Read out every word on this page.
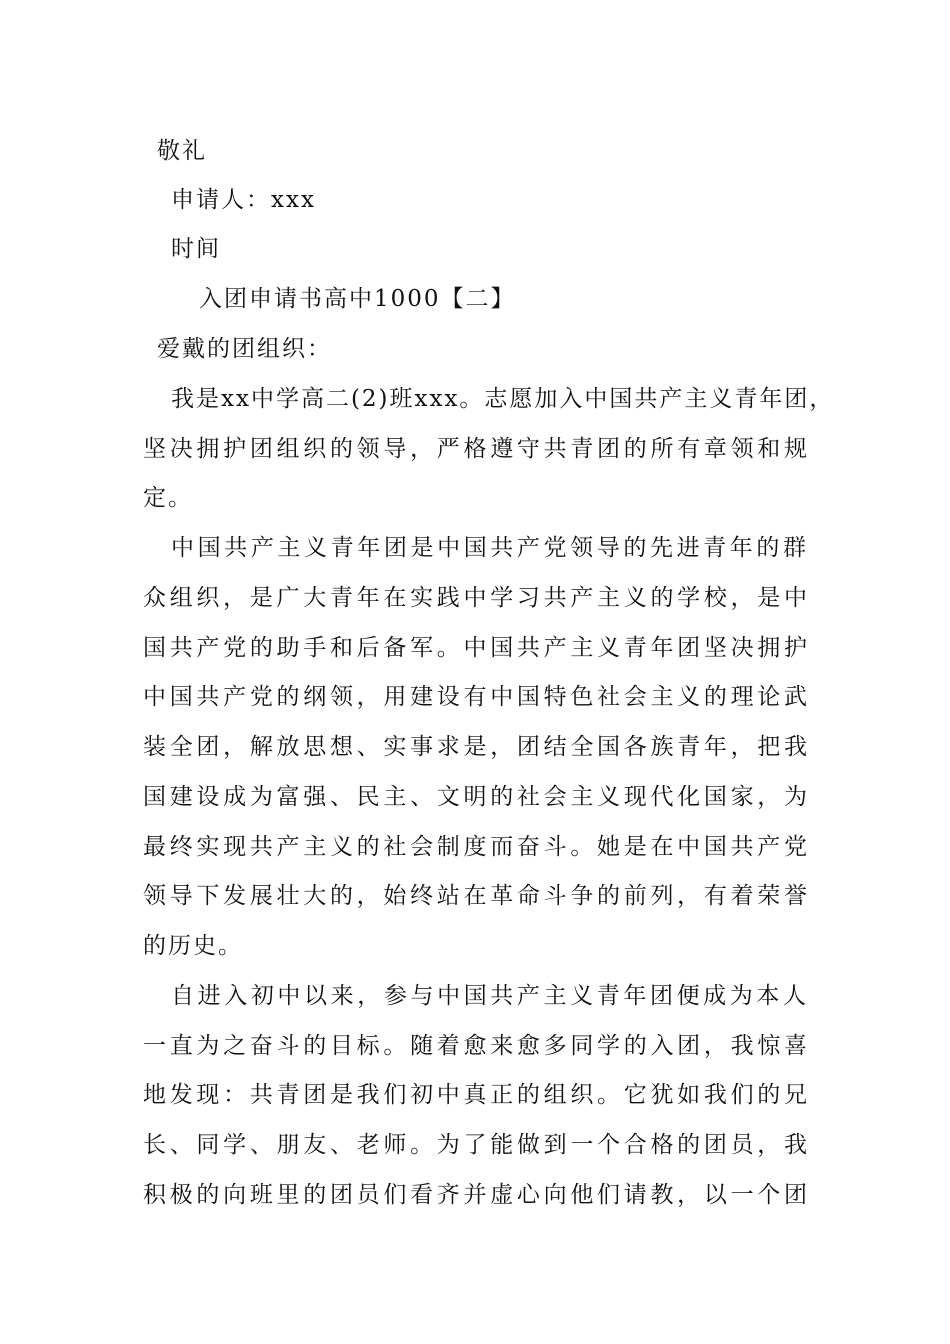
敬礼
申请人：xxx
时间
入团申请书高中1000【二】
爱戴的团组织：
我是xx中学高二(2)班xxx。志愿加入中国共产主义青年团，
坚决拥护团组织的领导，严格遵守共青团的所有章领和规
定。
中国共产主义青年团是中国共产党领导的先进青年的群
众组织，是广大青年在实践中学习共产主义的学校，是中
国共产党的助手和后备军。中国共产主义青年团坚决拥护
中国共产党的纲领，用建设有中国特色社会主义的理论武
装全团，解放思想、实事求是，团结全国各族青年，把我
国建设成为富强、民主、文明的社会主义现代化国家，为
最终实现共产主义的社会制度而奋斗。她是在中国共产党
领导下发展壮大的，始终站在革命斗争的前列，有着荣誉
的历史。
自进入初中以来，参与中国共产主义青年团便成为本人
一直为之奋斗的目标。随着愈来愈多同学的入团，我惊喜
地发现：共青团是我们初中真正的组织。它犹如我们的兄
长、同学、朋友、老师。为了能做到一个合格的团员，我
积极的向班里的团员们看齐并虚心向他们请教，以一个团
